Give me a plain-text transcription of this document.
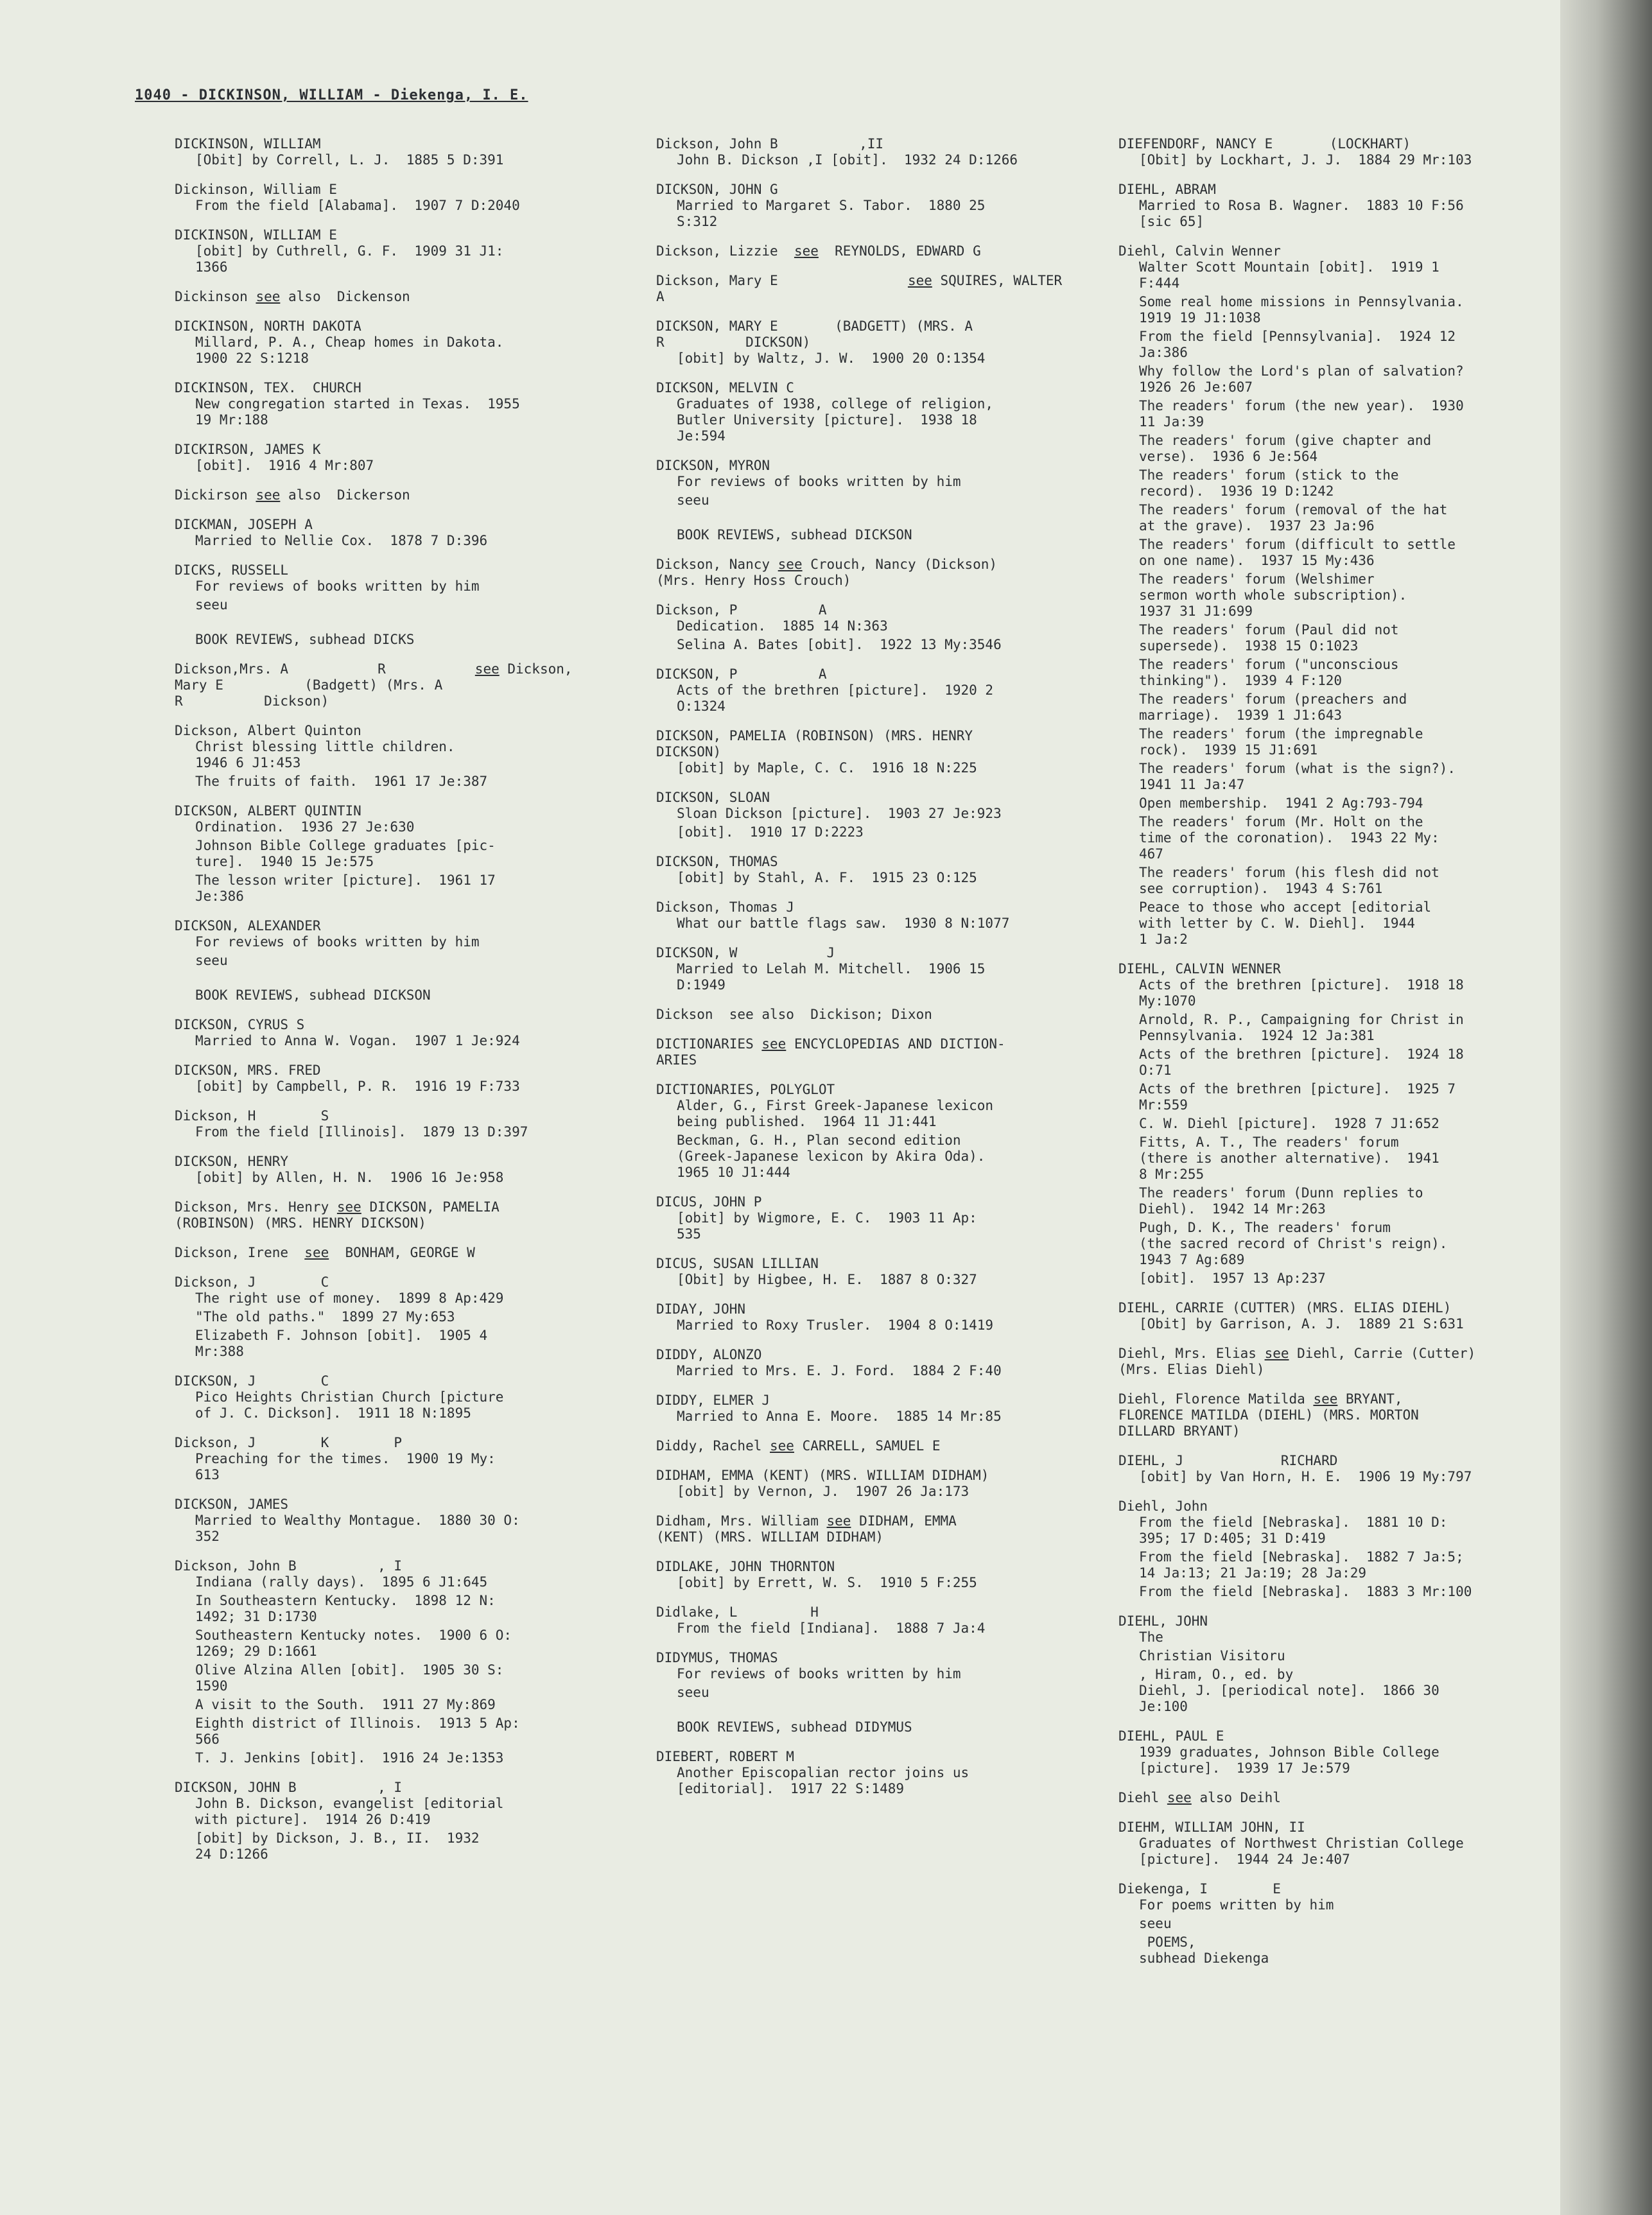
1040 - DICKINSON, WILLIAM - Diekenga, I. E.
DICKINSON, WILLIAM
[Obit] by Correll, L. J.  1885 5 D:391
Dickinson, William E
From the field [Alabama].  1907 7 D:2040
DICKINSON, WILLIAM E
[obit] by Cuthrell, G. F.  1909 31 J1:
1366
Dickinson see also  Dickenson
DICKINSON, NORTH DAKOTA
Millard, P. A., Cheap homes in Dakota.
1900 22 S:1218
DICKINSON, TEX.  CHURCH
New congregation started in Texas.  1955
19 Mr:188
DICKIRSON, JAMES K
[obit].  1916 4 Mr:807
Dickirson see also  Dickerson
DICKMAN, JOSEPH A
Married to Nellie Cox.  1878 7 D:396
DICKS, RUSSELL
For reviews of books written by him
seeu

BOOK REVIEWS, subhead DICKS
Dickson,Mrs. A           R           see Dickson,
Mary E          (Badgett) (Mrs. A
R          Dickson)
Dickson, Albert Quinton
Christ blessing little children.
1946 6 J1:453
The fruits of faith.  1961 17 Je:387
DICKSON, ALBERT QUINTIN
Ordination.  1936 27 Je:630
Johnson Bible College graduates [pic-
ture].  1940 15 Je:575
The lesson writer [picture].  1961 17
Je:386
DICKSON, ALEXANDER
For reviews of books written by him
seeu

BOOK REVIEWS, subhead DICKSON
DICKSON, CYRUS S
Married to Anna W. Vogan.  1907 1 Je:924
DICKSON, MRS. FRED
[obit] by Campbell, P. R.  1916 19 F:733
Dickson, H        S
From the field [Illinois].  1879 13 D:397
DICKSON, HENRY
[obit] by Allen, H. N.  1906 16 Je:958
Dickson, Mrs. Henry see DICKSON, PAMELIA
(ROBINSON) (MRS. HENRY DICKSON)
Dickson, Irene  see  BONHAM, GEORGE W
Dickson, J        C
The right use of money.  1899 8 Ap:429
"The old paths."  1899 27 My:653
Elizabeth F. Johnson [obit].  1905 4
Mr:388
DICKSON, J        C
Pico Heights Christian Church [picture
of J. C. Dickson].  1911 18 N:1895
Dickson, J        K        P
Preaching for the times.  1900 19 My:
613
DICKSON, JAMES
Married to Wealthy Montague.  1880 30 O:
352
Dickson, John B          , I
Indiana (rally days).  1895 6 J1:645
In Southeastern Kentucky.  1898 12 N:
1492; 31 D:1730
Southeastern Kentucky notes.  1900 6 O:
1269; 29 D:1661
Olive Alzina Allen [obit].  1905 30 S:
1590
A visit to the South.  1911 27 My:869
Eighth district of Illinois.  1913 5 Ap:
566
T. J. Jenkins [obit].  1916 24 Je:1353
DICKSON, JOHN B          , I
John B. Dickson, evangelist [editorial
with picture].  1914 26 D:419
[obit] by Dickson, J. B., II.  1932
24 D:1266
Dickson, John B          ,II
John B. Dickson ,I [obit].  1932 24 D:1266
DICKSON, JOHN G
Married to Margaret S. Tabor.  1880 25
S:312
Dickson, Lizzie  see  REYNOLDS, EDWARD G
Dickson, Mary E                see SQUIRES, WALTER
A
DICKSON, MARY E       (BADGETT) (MRS. A
R          DICKSON)
[obit] by Waltz, J. W.  1900 20 O:1354
DICKSON, MELVIN C
Graduates of 1938, college of religion,
Butler University [picture].  1938 18
Je:594
DICKSON, MYRON
For reviews of books written by him
seeu

BOOK REVIEWS, subhead DICKSON
Dickson, Nancy see Crouch, Nancy (Dickson)
(Mrs. Henry Hoss Crouch)
Dickson, P          A
Dedication.  1885 14 N:363
Selina A. Bates [obit].  1922 13 My:3546
DICKSON, P          A
Acts of the brethren [picture].  1920 2
O:1324
DICKSON, PAMELIA (ROBINSON) (MRS. HENRY
DICKSON)
[obit] by Maple, C. C.  1916 18 N:225
DICKSON, SLOAN
Sloan Dickson [picture].  1903 27 Je:923
[obit].  1910 17 D:2223
DICKSON, THOMAS
[obit] by Stahl, A. F.  1915 23 O:125
Dickson, Thomas J
What our battle flags saw.  1930 8 N:1077
DICKSON, W           J
Married to Lelah M. Mitchell.  1906 15
D:1949
Dickson  see also  Dickison; Dixon
DICTIONARIES see ENCYCLOPEDIAS AND DICTION-
ARIES
DICTIONARIES, POLYGLOT
Alder, G., First Greek-Japanese lexicon
being published.  1964 11 J1:441
Beckman, G. H., Plan second edition
(Greek-Japanese lexicon by Akira Oda).
1965 10 J1:444
DICUS, JOHN P
[obit] by Wigmore, E. C.  1903 11 Ap:
535
DICUS, SUSAN LILLIAN
[Obit] by Higbee, H. E.  1887 8 O:327
DIDAY, JOHN
Married to Roxy Trusler.  1904 8 O:1419
DIDDY, ALONZO
Married to Mrs. E. J. Ford.  1884 2 F:40
DIDDY, ELMER J
Married to Anna E. Moore.  1885 14 Mr:85
Diddy, Rachel see CARRELL, SAMUEL E
DIDHAM, EMMA (KENT) (MRS. WILLIAM DIDHAM)
[obit] by Vernon, J.  1907 26 Ja:173
Didham, Mrs. William see DIDHAM, EMMA
(KENT) (MRS. WILLIAM DIDHAM)
DIDLAKE, JOHN THORNTON
[obit] by Errett, W. S.  1910 5 F:255
Didlake, L         H
From the field [Indiana].  1888 7 Ja:4
DIDYMUS, THOMAS
For reviews of books written by him
seeu

BOOK REVIEWS, subhead DIDYMUS
DIEBERT, ROBERT M
Another Episcopalian rector joins us
[editorial].  1917 22 S:1489
DIEFENDORF, NANCY E       (LOCKHART)
[Obit] by Lockhart, J. J.  1884 29 Mr:103
DIEHL, ABRAM
Married to Rosa B. Wagner.  1883 10 F:56
[sic 65]
Diehl, Calvin Wenner
Walter Scott Mountain [obit].  1919 1
F:444
Some real home missions in Pennsylvania.
1919 19 J1:1038
From the field [Pennsylvania].  1924 12
Ja:386
Why follow the Lord's plan of salvation?
1926 26 Je:607
The readers' forum (the new year).  1930
11 Ja:39
The readers' forum (give chapter and
verse).  1936 6 Je:564
The readers' forum (stick to the
record).  1936 19 D:1242
The readers' forum (removal of the hat
at the grave).  1937 23 Ja:96
The readers' forum (difficult to settle
on one name).  1937 15 My:436
The readers' forum (Welshimer
sermon worth whole subscription).
1937 31 J1:699
The readers' forum (Paul did not
supersede).  1938 15 O:1023
The readers' forum ("unconscious
thinking").  1939 4 F:120
The readers' forum (preachers and
marriage).  1939 1 J1:643
The readers' forum (the impregnable
rock).  1939 15 J1:691
The readers' forum (what is the sign?).
1941 11 Ja:47
Open membership.  1941 2 Ag:793-794
The readers' forum (Mr. Holt on the
time of the coronation).  1943 22 My:
467
The readers' forum (his flesh did not
see corruption).  1943 4 S:761
Peace to those who accept [editorial
with letter by C. W. Diehl].  1944
1 Ja:2
DIEHL, CALVIN WENNER
Acts of the brethren [picture].  1918 18
My:1070
Arnold, R. P., Campaigning for Christ in
Pennsylvania.  1924 12 Ja:381
Acts of the brethren [picture].  1924 18
O:71
Acts of the brethren [picture].  1925 7
Mr:559
C. W. Diehl [picture].  1928 7 J1:652
Fitts, A. T., The readers' forum
(there is another alternative).  1941
8 Mr:255
The readers' forum (Dunn replies to
Diehl).  1942 14 Mr:263
Pugh, D. K., The readers' forum
(the sacred record of Christ's reign).
1943 7 Ag:689
[obit].  1957 13 Ap:237
DIEHL, CARRIE (CUTTER) (MRS. ELIAS DIEHL)
[Obit] by Garrison, A. J.  1889 21 S:631
Diehl, Mrs. Elias see Diehl, Carrie (Cutter)
(Mrs. Elias Diehl)
Diehl, Florence Matilda see BRYANT,
FLORENCE MATILDA (DIEHL) (MRS. MORTON
DILLARD BRYANT)
DIEHL, J            RICHARD
[obit] by Van Horn, H. E.  1906 19 My:797
Diehl, John
From the field [Nebraska].  1881 10 D:
395; 17 D:405; 31 D:419
From the field [Nebraska].  1882 7 Ja:5;
14 Ja:13; 21 Ja:19; 28 Ja:29
From the field [Nebraska].  1883 3 Mr:100
DIEHL, JOHN
The
Christian Visitoru
, Hiram, O., ed. by
Diehl, J. [periodical note].  1866 30
Je:100
DIEHL, PAUL E
1939 graduates, Johnson Bible College
[picture].  1939 17 Je:579
Diehl see also Deihl
DIEHM, WILLIAM JOHN, II
Graduates of Northwest Christian College
[picture].  1944 24 Je:407
Diekenga, I        E
For poems written by him
seeu
POEMS,
subhead Diekenga
